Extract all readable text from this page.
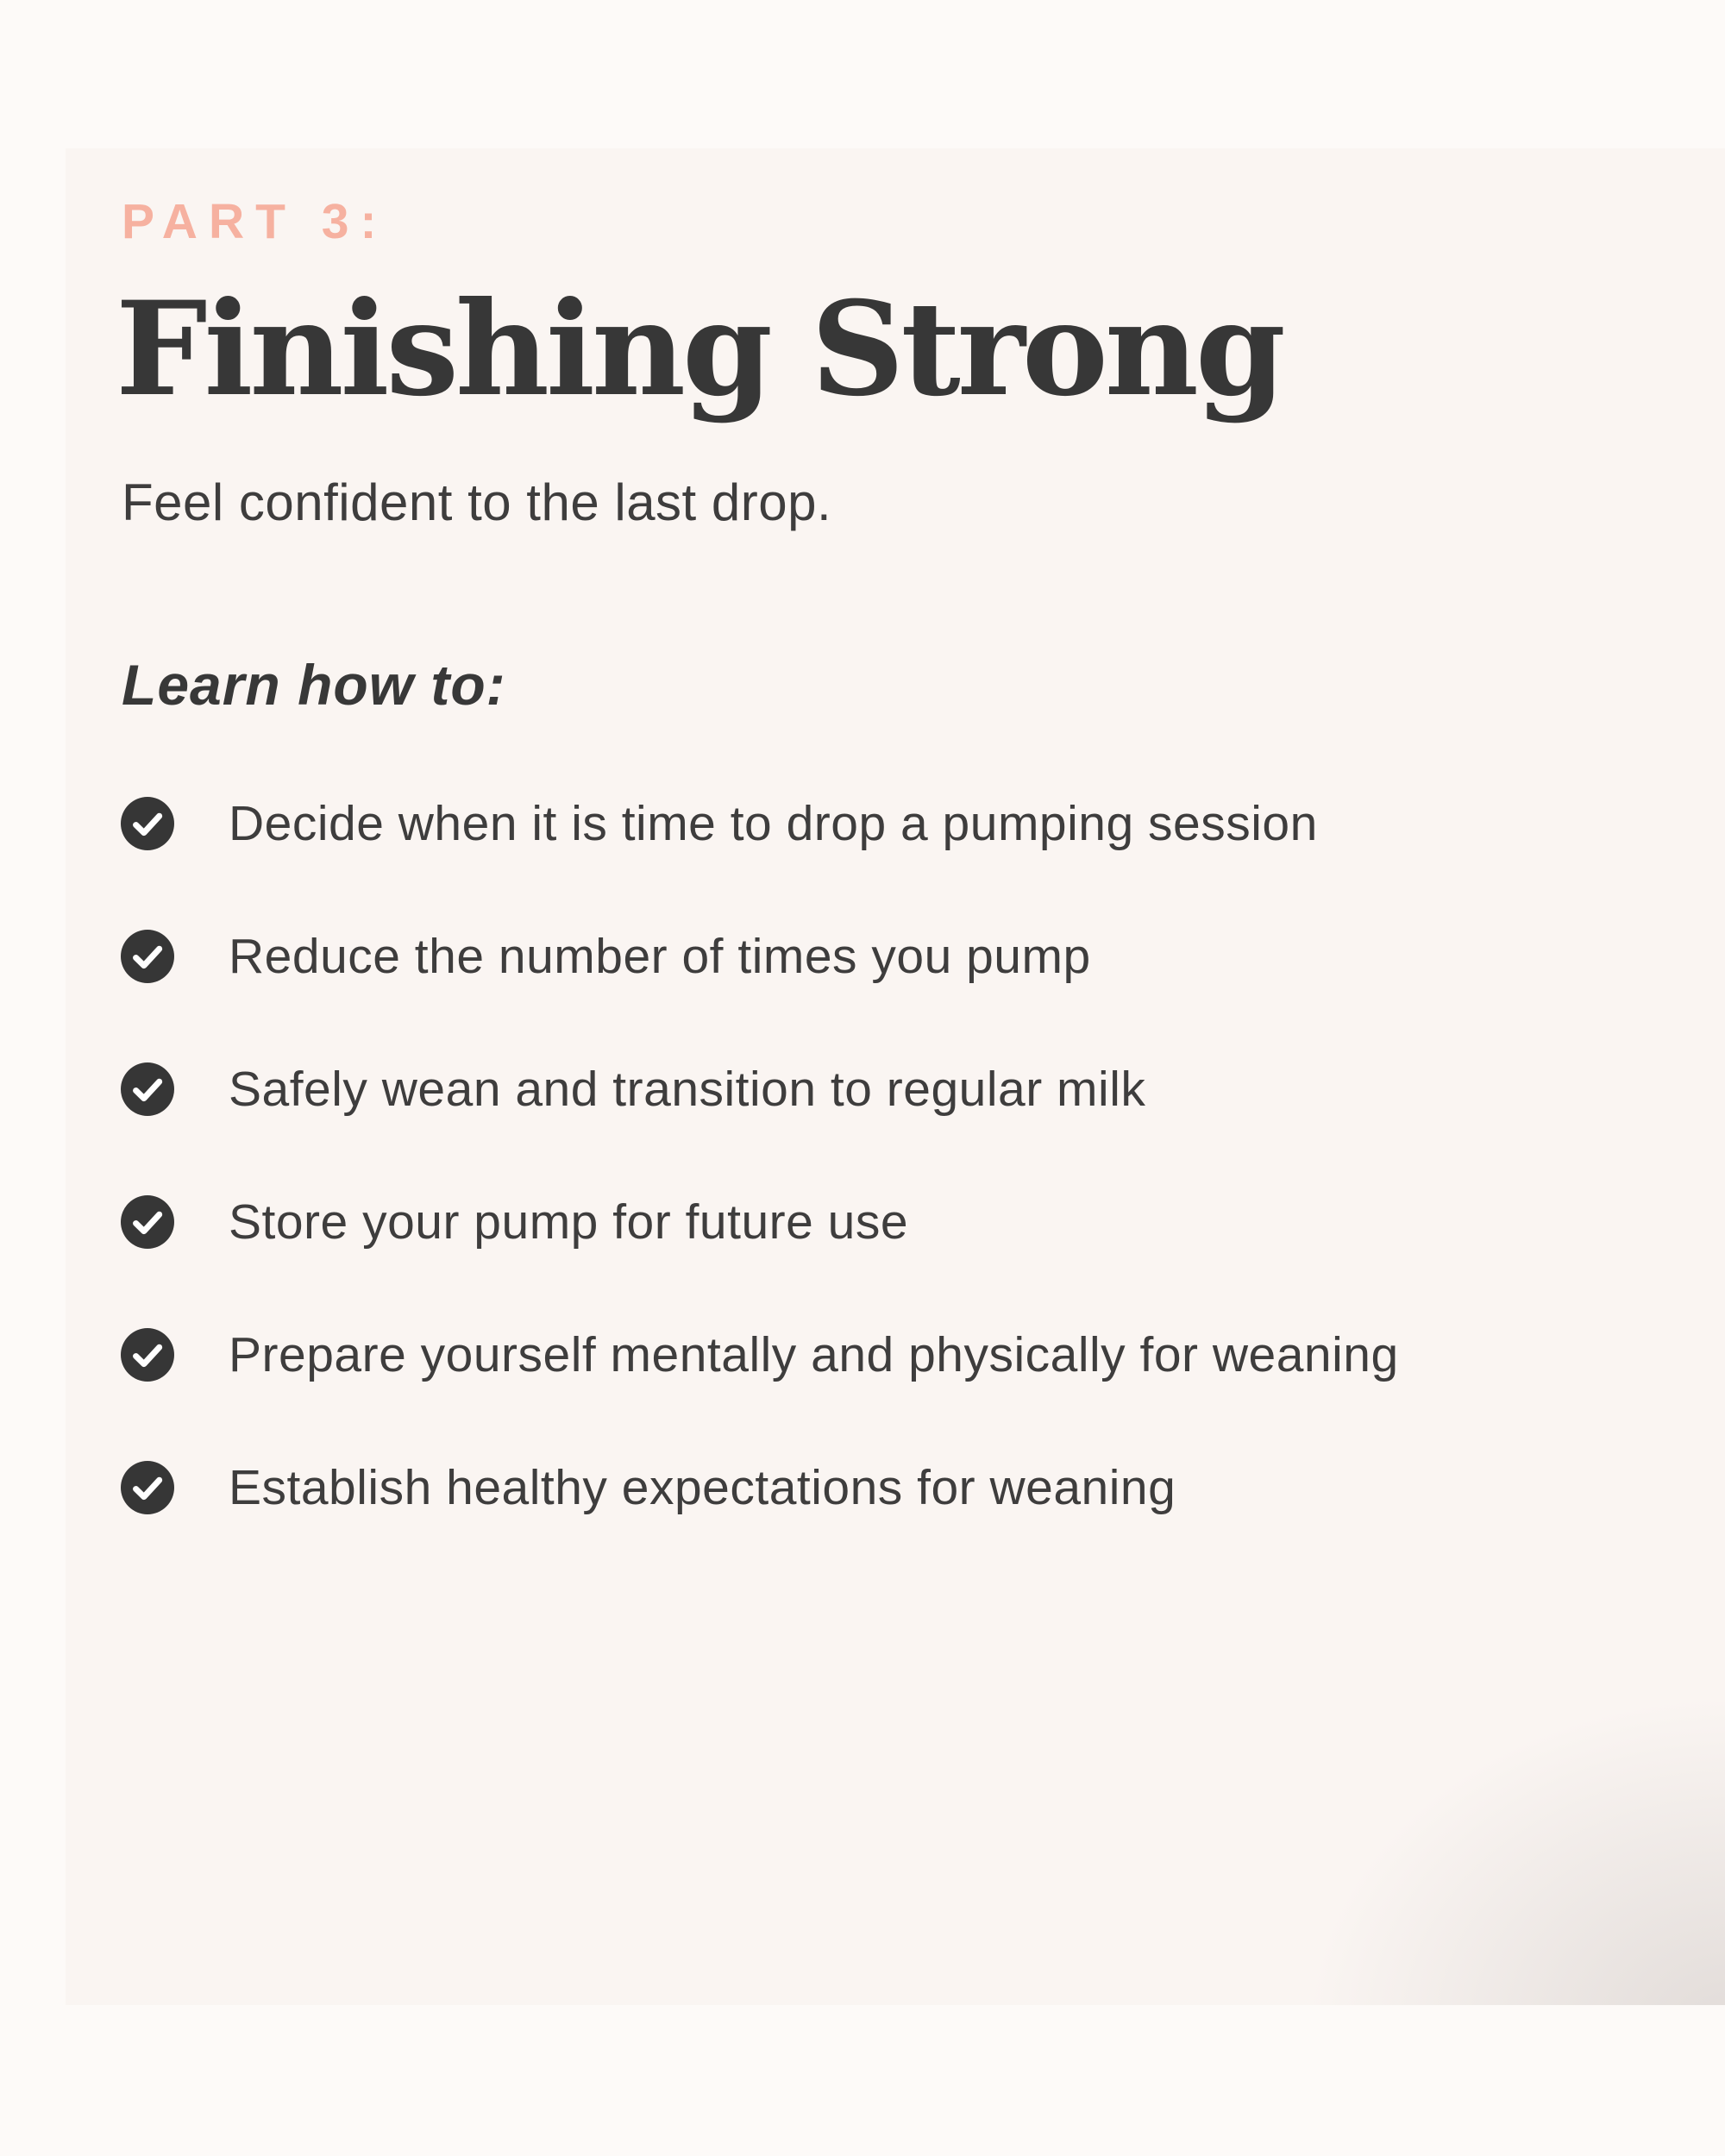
PART 3:
Finishing Strong
Feel confident to the last drop.
Learn how to:
Decide when it is time to drop a pumping session
Reduce the number of times you pump
Safely wean and transition to regular milk
Store your pump for future use
Prepare yourself mentally and physically for weaning
Establish healthy expectations for weaning
